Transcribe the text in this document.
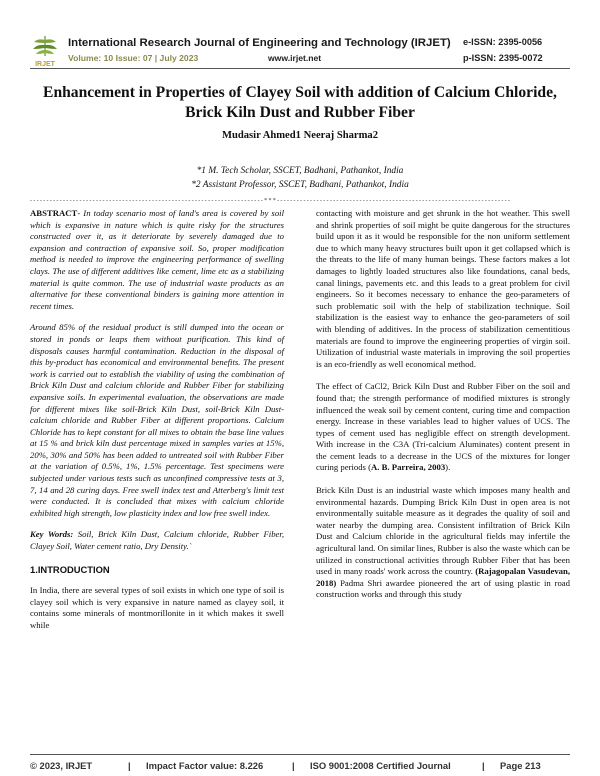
IRJET
International Research Journal of Engineering and Technology (IRJET)
Volume: 10 Issue: 07 | July 2023	www.irjet.net
e-ISSN: 2395-0056
p-ISSN: 2395-0072
Enhancement in Properties of Clayey Soil with addition of Calcium Chloride, Brick Kiln Dust and Rubber Fiber
Mudasir Ahmed1 Neeraj Sharma2
*1 M. Tech Scholar, SSCET, Badhani, Pathankot, India
*2 Assistant Professor, SSCET, Badhani, Pathankot, India
-----------------------------------------------------------------------***-----------------------------------------------------------------------

ABSTRACT- In today scenario most of land's area is covered by soil which is expansive in nature which is quite risky for the structures constructed over it, as it deteriorate by severely damaged due to expansion and contraction of expansive soil. So, proper modification method is needed to improve the engineering performance of swelling clays. The use of different additives like cement, lime etc as a stabilizing material is quite common. The use of industrial waste products as an alternative for these conventional binders is gaining more attention in recent times.

Around 85% of the residual product is still dumped into the ocean or stored in ponds or leaps them without purification. This kind of disposals causes harmful contamination. Reduction in the disposal of this by-product has economical and environmental benefits. The present work is carried out to establish the viability of using the combination of Brick Kiln Dust and calcium chloride and Rubber Fiber for stabilizing expansive soils. In experimental evaluation, the observations are made for different mixes like soil-Brick Kiln Dust, soil-Brick Kiln Dust- calcium chloride and Rubber Fiber at different proportions. Calcium Chloride has to kept constant for all mixes to obtain the base line values at 15 % and brick kiln dust percentage mixed in samples varies at 15%, 20%, 30% and 50% has been added to untreated soil with Rubber Fiber at the variation of 0.5%, 1%, 1.5% percentage. Test specimens were subjected under various tests such as unconfined compressive tests at 3, 7, 14 and 28 curing days. Free swell index test and Atterberg's limit test were conducted. It is concluded that mixes with calcium chloride exhibited high strength, low plasticity index and low free swell index.

Key Words: Soil, Brick Kiln Dust, Calcium chloride, Rubber Fiber, Clayey Soil, Water cement ratio, Dry Density.`

1.INTRODUCTION

In India, there are several types of soil exists in which one type of soil is clayey soil which is very expansive in nature named as clayey soil, it contains some minerals of montmorillonite in it which makes it swell while

contacting with moisture and get shrunk in the hot weather. This swell and shrink properties of soil might be quite dangerous for the structures build upon it as it would be responsible for the non uniform settlement due to which many heavy structures built upon it get collapsed which is the threats to the life of many human beings. These factors makes a lot damages to lightly loaded structures also like foundations, canal beds, canal linings, pavements etc. and this leads to a great problem for civil engineers. So it becomes necessary to enhance the geo-parameters of such problematic soil with the help of stabilization technique. Soil stabilization is the easiest way to enhance the geo-parameters of soil with blending of additives. In the process of stabilization cementitious materials are found to improve the engineering properties of virgin soil. Utilization of industrial waste materials in improving the soil properties is an eco-friendly as well economical method.

The effect of CaCl2, Brick Kiln Dust and Rubber Fiber on the soil and found that; the strength performance of modified mixtures is strongly influenced the weak soil by cement content, curing time and compaction energy. Increase in these variables lead to higher values of UCS. The types of cement used has negligible effect on strength development. With increase in the C3A (Tri-calcium Aluminates) content present in the cement leads to a decrease in the UCS of the mixtures for longer curing periods (A. B. Parreira, 2003).

Brick Kiln Dust is an industrial waste which imposes many health and environmental hazards. Dumping Brick Kiln Dust in open area is not environmentally suitable measure as it degrades the quality of soil and water nearby the dumping area. Consistent infiltration of Brick Kiln Dust and Calcium chloride in the agricultural fields may infertile the agricultural land. On similar lines, Rubber is also the waste which can be utilized in constructional activities through Rubber Fiber that has been used in many roads' work across the country. (Rajagopalan Vasudevan, 2018) Padma Shri awardee pioneered the art of using plastic in road construction works and through this study

© 2023, IRJET	| Impact Factor value: 8.226	| ISO 9001:2008 Certified Journal	| Page 213
